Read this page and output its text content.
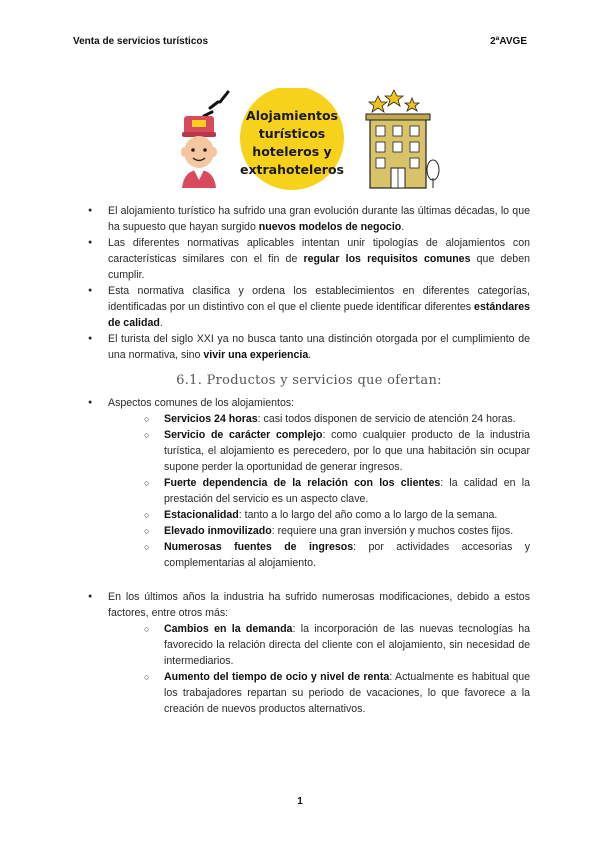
Venta de servicios turísticos	2ªAVGE
Alojamientos
turísticos
hoteleros y
extrahoteleros
● El alojamiento turístico ha sufrido una gran evolución durante las últimas décadas, lo que ha supuesto que hayan surgido nuevos modelos de negocio.
● Las diferentes normativas aplicables intentan unir tipologías de alojamientos con características similares con el fin de regular los requisitos comunes que deben cumplir.
● Esta normativa clasifica y ordena los establecimientos en diferentes categorías, identificadas por un distintivo con el que el cliente puede identificar diferentes estándares de calidad.
● El turista del siglo XXI ya no busca tanto una distinción otorgada por el cumplimiento de una normativa, sino vivir una experiencia.
6.1. Productos y servicios que ofertan:
● Aspectos comunes de los alojamientos:
○ Servicios 24 horas: casi todos disponen de servicio de atención 24 horas.
○ Servicio de carácter complejo: como cualquier producto de la industria turística, el alojamiento es perecedero, por lo que una habitación sin ocupar supone perder la oportunidad de generar ingresos.
○ Fuerte dependencia de la relación con los clientes: la calidad en la prestación del servicio es un aspecto clave.
○ Estacionalidad: tanto a lo largo del año como a lo largo de la semana.
○ Elevado inmovilizado: requiere una gran inversión y muchos costes fijos.
○ Numerosas fuentes de ingresos: por actividades accesorias y complementarias al alojamiento.
● En los últimos años la industria ha sufrido numerosas modificaciones, debido a estos factores, entre otros más:
○ Cambios en la demanda: la incorporación de las nuevas tecnologías ha favorecido la relación directa del cliente con el alojamiento, sin necesidad de intermediarios.
○ Aumento del tiempo de ocio y nivel de renta: Actualmente es habitual que los trabajadores repartan su periodo de vacaciones, lo que favorece a la creación de nuevos productos alternativos.
1
